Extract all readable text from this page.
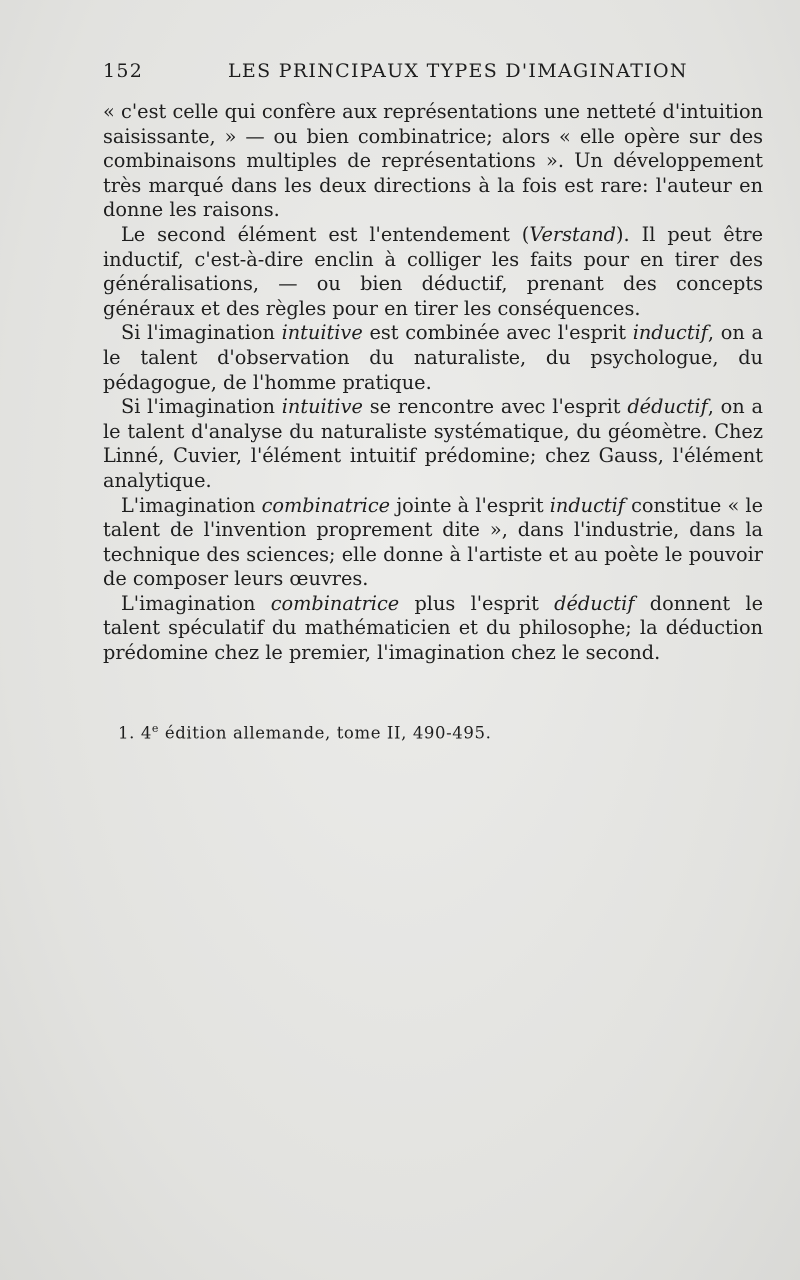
152	LES PRINCIPAUX TYPES D'IMAGINATION

« c'est celle qui confère aux représentations une netteté d'intuition saisissante, » — ou bien combinatrice; alors « elle opère sur des combinaisons multiples de représentations ». Un développement très marqué dans les deux directions à la fois est rare: l'auteur en donne les raisons.

Le second élément est l'entendement (Verstand). Il peut être inductif, c'est-à-dire enclin à colliger les faits pour en tirer des généralisations, — ou bien déductif, prenant des concepts généraux et des règles pour en tirer les conséquences.

Si l'imagination intuitive est combinée avec l'esprit inductif, on a le talent d'observation du naturaliste, du psychologue, du pédagogue, de l'homme pratique.

Si l'imagination intuitive se rencontre avec l'esprit déductif, on a le talent d'analyse du naturaliste systématique, du géomètre. Chez Linné, Cuvier, l'élément intuitif prédomine; chez Gauss, l'élément analytique.

L'imagination combinatrice jointe à l'esprit inductif constitue « le talent de l'invention proprement dite », dans l'industrie, dans la technique des sciences; elle donne à l'artiste et au poète le pouvoir de composer leurs œuvres.

L'imagination combinatrice plus l'esprit déductif donnent le talent spéculatif du mathématicien et du philosophe; la déduction prédomine chez le premier, l'imagination chez le second.

1. 4e édition allemande, tome II, 490-495.
